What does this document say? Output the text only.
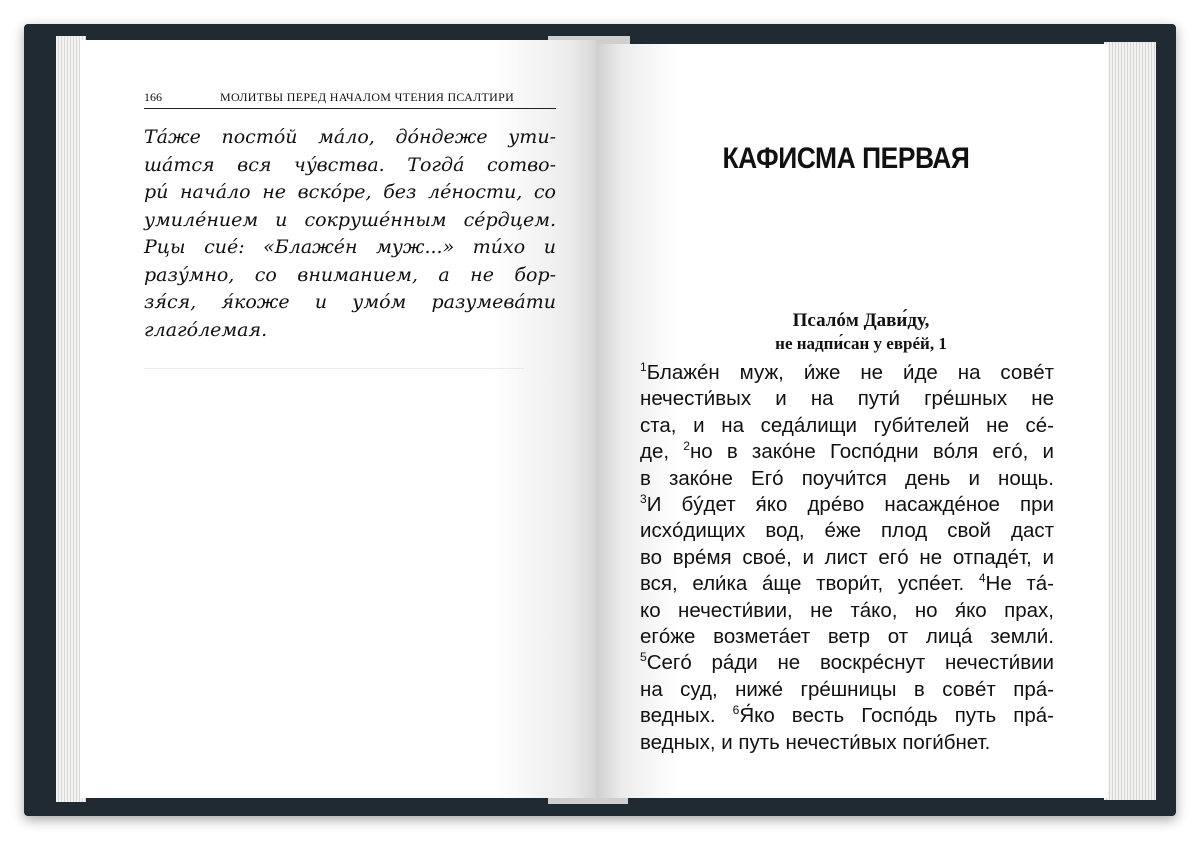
166	МОЛИТВЫ ПЕРЕД НАЧАЛОМ ЧТЕНИЯ ПСАЛТИРИ
Та́же постóй мáло, дóндеже ути-
шáтся вся чýвства. Тогдá сотво-
рú начáло не вскóре, без лéности, со
умилéнием и сокрушéнным сéрдцем.
Рцы сиé: «Блажéн муж...» тúхо и
разýмно, со вниманием, а не бор-
зя́ся, я́коже и умóм разумевáти
глагóлемая.
КАФИСМА ПЕРВАЯ
Псалóм Дави́ду,
не надпи́сан у еврéй, 1
$^1$Блажéн муж, и́же не и́де на совéт
нечести́вых и на пути́ грéшных не
ста, и на седáлищи губи́телей не сé-
де, $^2$но в закóне Госпóдни вóля егó, и
в закóне Егó поучи́тся день и нощь.
$^3$И бýдет я́ко дрéво насаждéное при
исхóдищих вод, éже плод свой даст
во врéмя своé, и лист егó не отпадéт, и
вся, ели́ка áще твори́т, успéет. $^4$Не тá-
ко нечести́вии, не тáко, но я́ко прах,
егóже возметáет ветр от лицá земли́.
$^5$Сегó рáди не воскрéснут нечести́вии
на суд, ниже́ грéшницы в совéт прá-
ведных. $^6$Я́ко весть Госпóдь путь прá-
ведных, и путь нечести́вых поги́бнет.
